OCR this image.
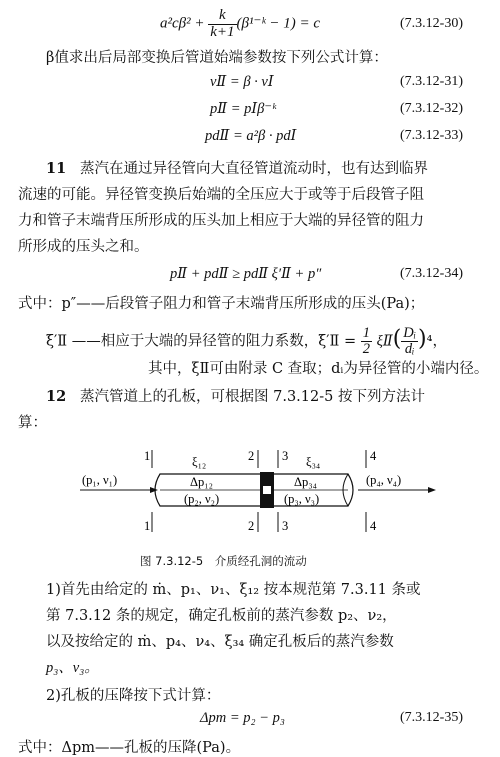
$a^2c\beta^2 + \frac{k}{k+1}$ (β¹⁻ᵏ − 1) = c	(7.3.12-30)
β值求出后局部变换后管道始端参数按下列公式计算：
νⅡ = β · νⅠ	(7.3.12-31)
pⅡ = pⅠβ⁻ᵏ	(7.3.12-32)
pdⅡ = a²β · pdⅠ	(7.3.12-33)
11 蒸汽在通过异径管向大直径管道流动时，也有达到临界
流速的可能。异径管变换后始端的全压应大于或等于后段管子阻
力和管子末端背压所形成的压头加上相应于大端的异径管的阻力
所形成的压头之和。
pⅡ + pdⅡ ≥ pdⅡ ξ′Ⅱ + p″	(7.3.12-34)
式中：p″——后段管子阻力和管子末端背压所形成的压头(Pa)；
ξ′Ⅱ ——相应于大端的异径管的阻力系数，ξ′Ⅱ = $\frac{1}{2}$ ξⅡ( $\frac{\text{Dᵢ}}{\text{dᵢ}} )^4$，
其中，ξⅡ可由附录 C 查取；dᵢ为异径管的小端内径。
12 蒸汽管道上的孔板，可根据图 7.3.12-5 按下列方法计
算：
1	2 3	4
1	2 3	4
(p₁, ν₁)	(p₄, ν₄)
ξ₁₂	ξ₃₄
Δp₁₂	Δp₃₄
(p₂, ν₂)	(p₃, ν₃)
图 7.3.12-5　介质经孔洞的流动
1)首先由给定的 ṁ、p₁、ν₁、ξ₁₂ 按本规范第 7.3.11 条或
第 7.3.12 条的规定，确定孔板前的蒸汽参数 p₂、ν₂，
以及按给定的 ṁ、p₄、ν₄、ξ₃₄ 确定孔板后的蒸汽参数
p₃、ν₃。
2)孔板的压降按下式计算：
Δpm = p₂ − p₃	(7.3.12-35)
式中：Δpm——孔板的压降(Pa)。
